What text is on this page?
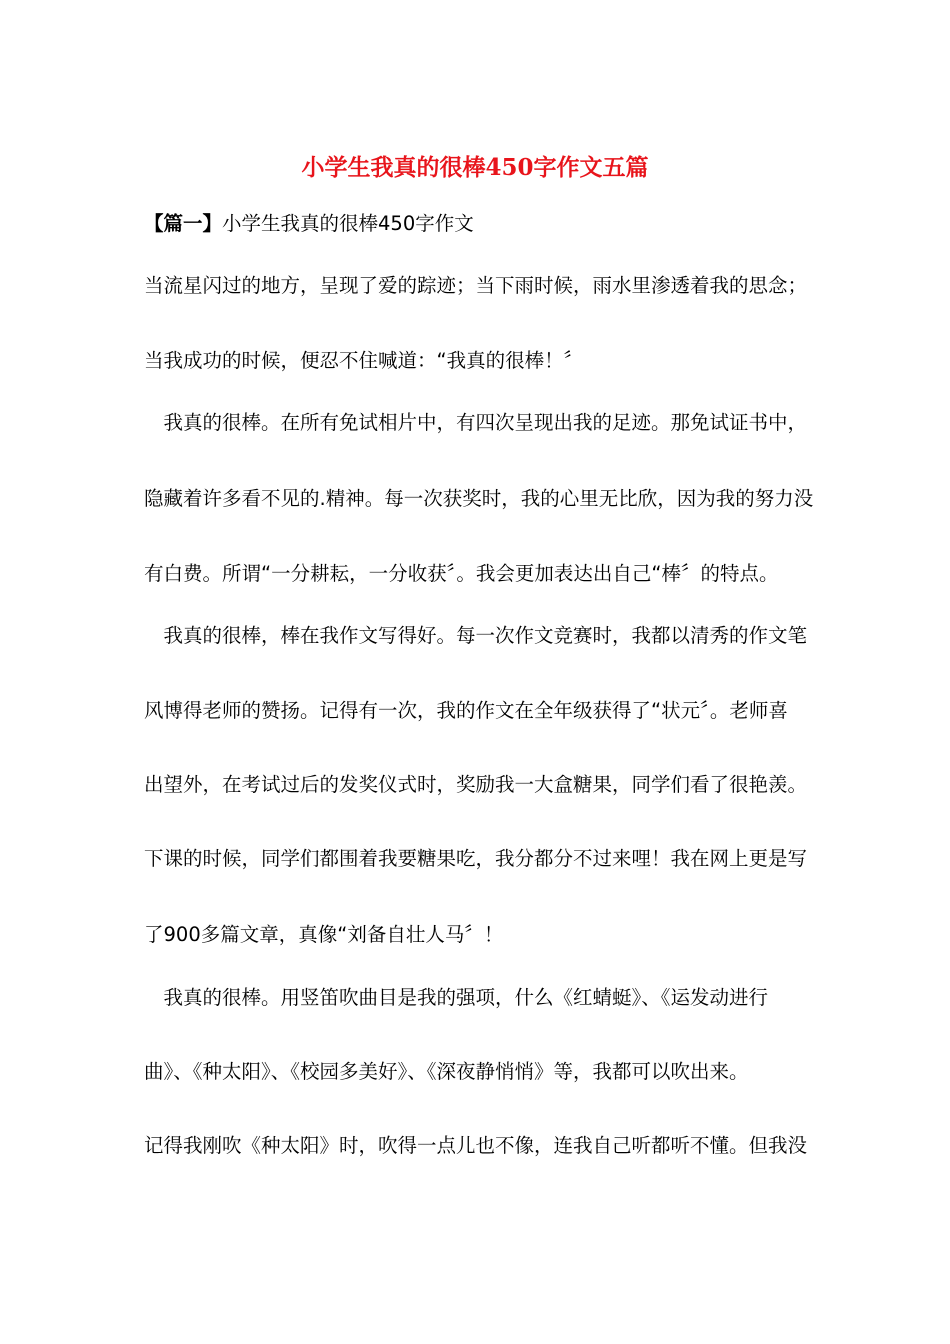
小学生我真的很棒450字作文五篇
【篇一】小学生我真的很棒450字作文
当流星闪过的地方，呈现了爱的踪迹；当下雨时候，雨水里渗透着我的思念；
当我成功的时候，便忍不住喊道：“我真的很棒！〞
　我真的很棒。在所有免试相片中，有四次呈现出我的足迹。那免试证书中，
隐藏着许多看不见的.精神。每一次获奖时，我的心里无比欣，因为我的努力没
有白费。所谓“一分耕耘，一分收获〞。我会更加表达出自己“棒〞的特点。
　我真的很棒，棒在我作文写得好。每一次作文竞赛时，我都以清秀的作文笔
风博得老师的赞扬。记得有一次，我的作文在全年级获得了“状元〞。老师喜
出望外，在考试过后的发奖仪式时，奖励我一大盒糖果，同学们看了很艳羡。
下课的时候，同学们都围着我要糖果吃，我分都分不过来哩！我在网上更是写
了900多篇文章，真像“刘备自壮人马〞！
　我真的很棒。用竖笛吹曲目是我的强项，什么《红蜻蜓》、《运发动进行
曲》、《种太阳》、《校园多美好》、《深夜静悄悄》等，我都可以吹出来。
记得我刚吹《种太阳》时，吹得一点儿也不像，连我自己听都听不懂。但我没
